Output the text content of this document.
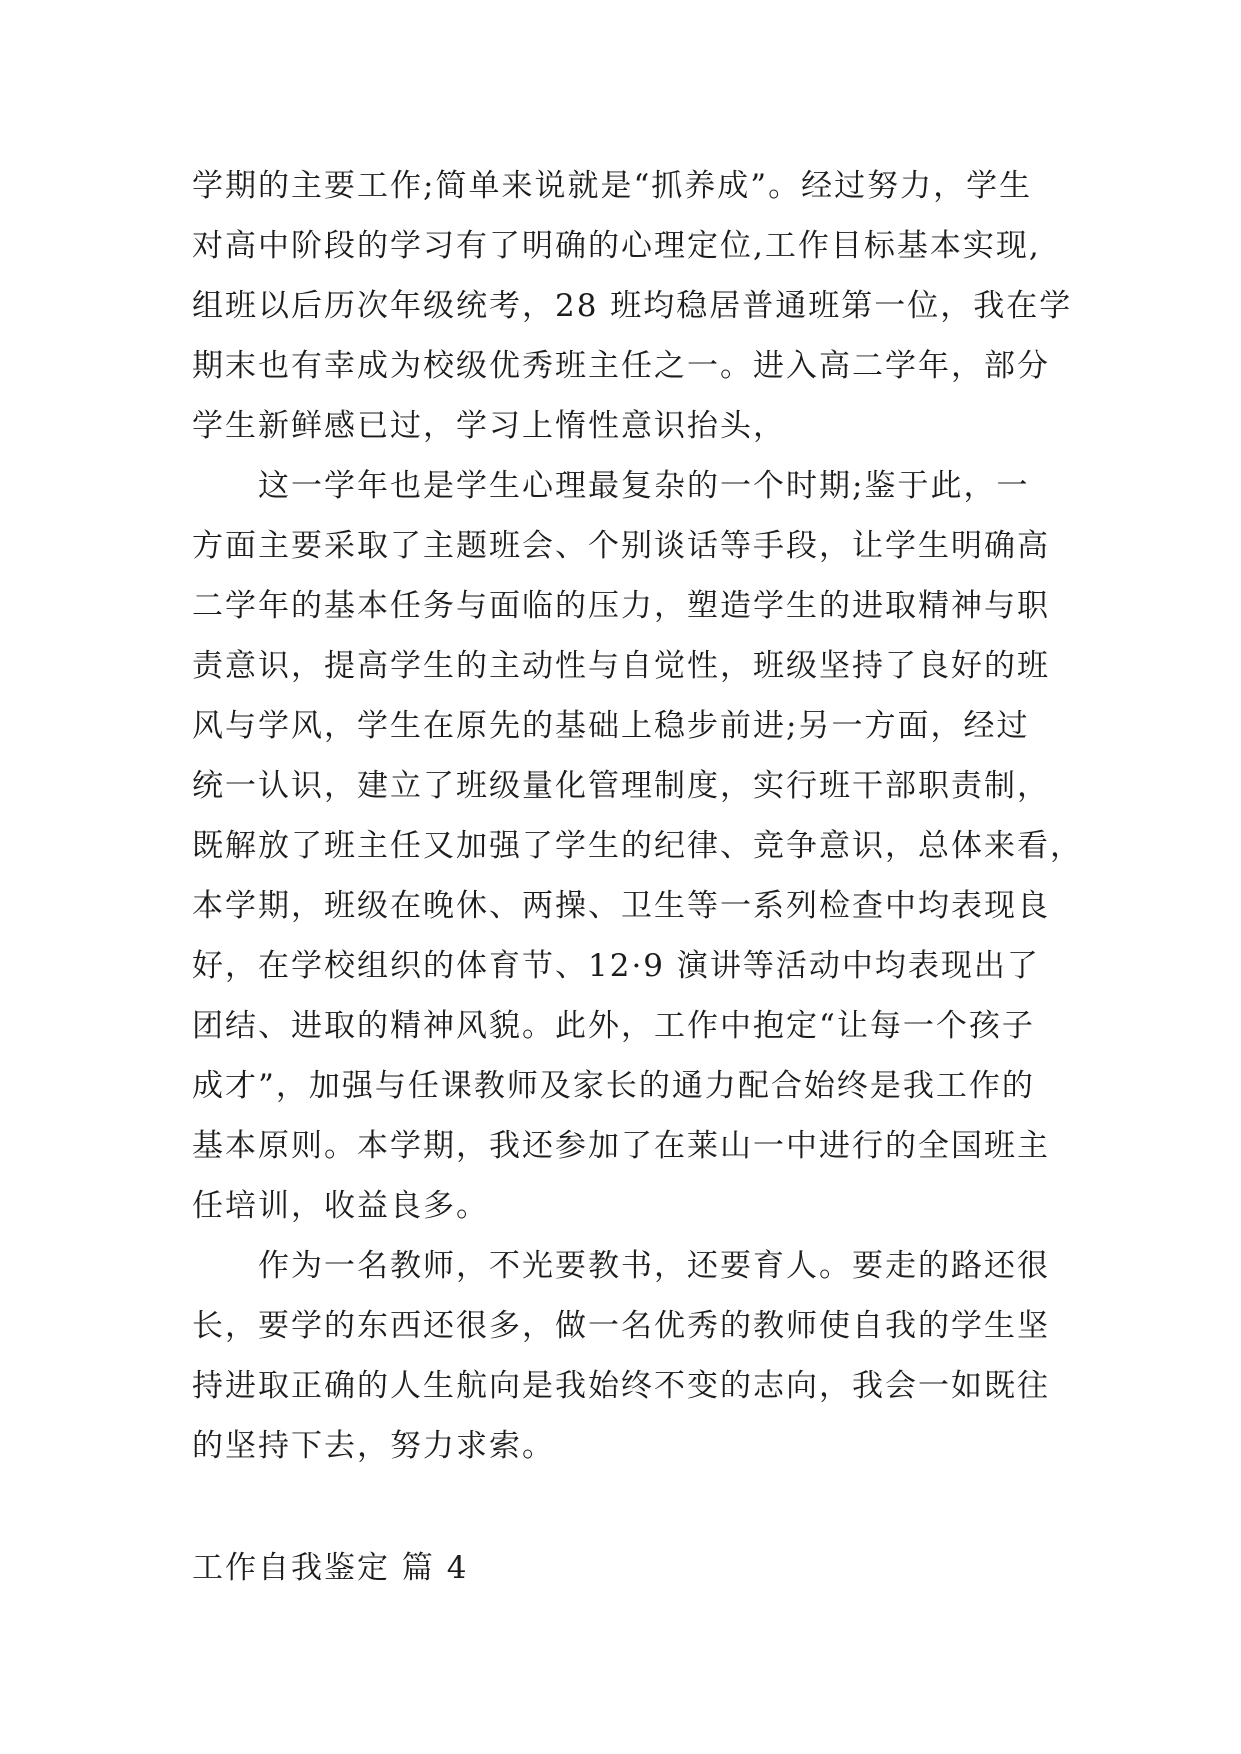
学期的主要工作;简单来说就是“抓养成”。经过努力，学生
对高中阶段的学习有了明确的心理定位,工作目标基本实现,
组班以后历次年级统考，28 班均稳居普通班第一位，我在学
期末也有幸成为校级优秀班主任之一。进入高二学年，部分
学生新鲜感已过，学习上惰性意识抬头，
这一学年也是学生心理最复杂的一个时期;鉴于此，一
方面主要采取了主题班会、个别谈话等手段，让学生明确高
二学年的基本任务与面临的压力，塑造学生的进取精神与职
责意识，提高学生的主动性与自觉性，班级坚持了良好的班
风与学风，学生在原先的基础上稳步前进;另一方面，经过
统一认识，建立了班级量化管理制度，实行班干部职责制，
既解放了班主任又加强了学生的纪律、竞争意识，总体来看，
本学期，班级在晚休、两操、卫生等一系列检查中均表现良
好，在学校组织的体育节、12·9 演讲等活动中均表现出了
团结、进取的精神风貌。此外，工作中抱定“让每一个孩子
成才”，加强与任课教师及家长的通力配合始终是我工作的
基本原则。本学期，我还参加了在莱山一中进行的全国班主
任培训，收益良多。
作为一名教师，不光要教书，还要育人。要走的路还很
长，要学的东西还很多，做一名优秀的教师使自我的学生坚
持进取正确的人生航向是我始终不变的志向，我会一如既往
的坚持下去，努力求索。
工作自我鉴定 篇 4
